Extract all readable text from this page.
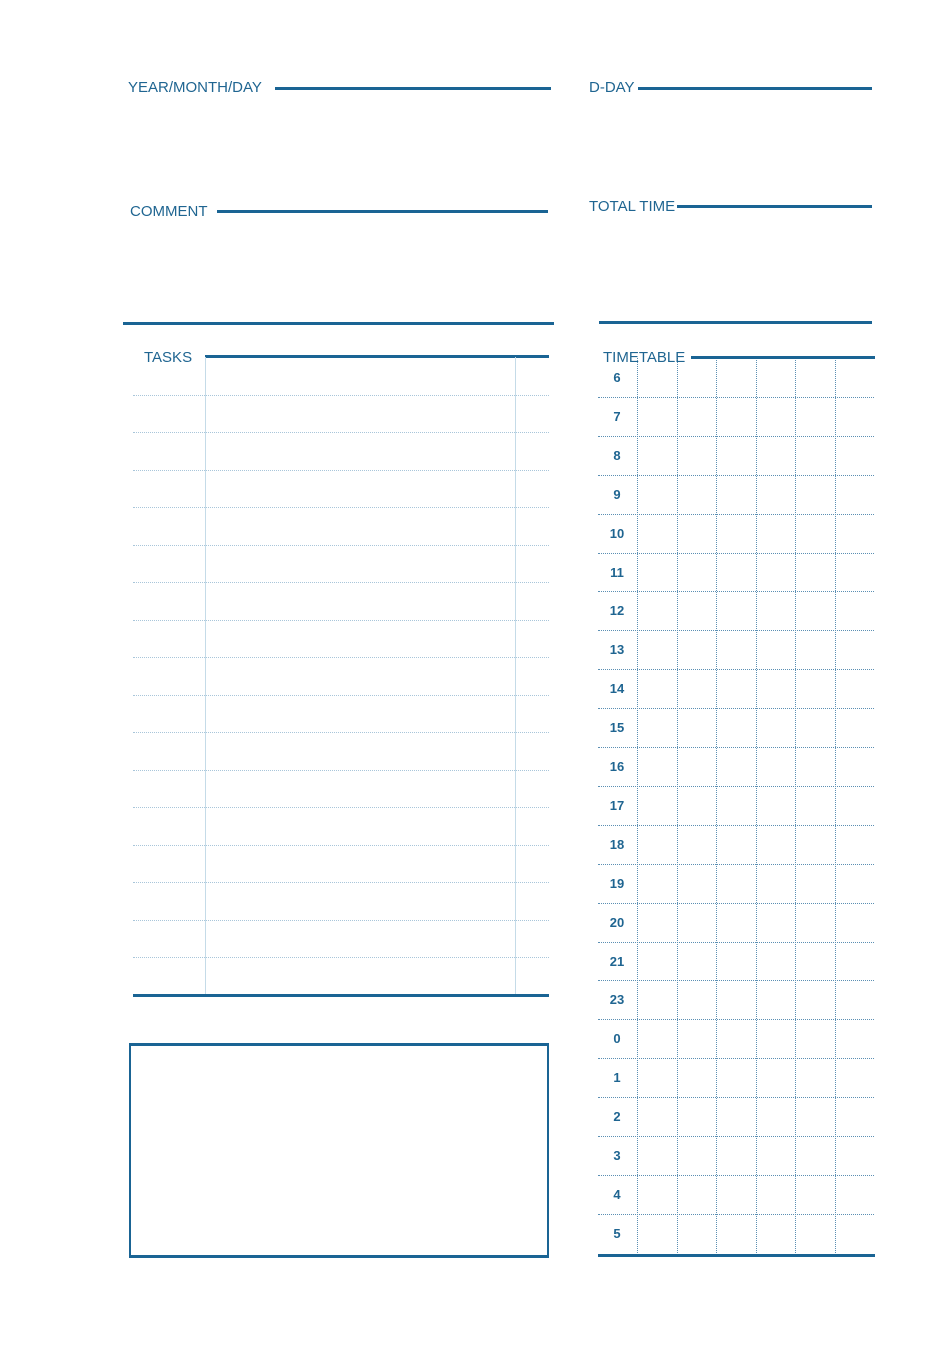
YEAR/MONTH/DAY	D-DAY
COMMENT	TOTAL TIME
TASKS
6
7
8
9
10
11
12
13
14
15
16
17
18
19
20
21
23
0
1
2
3
4
5
TIMETABLE
